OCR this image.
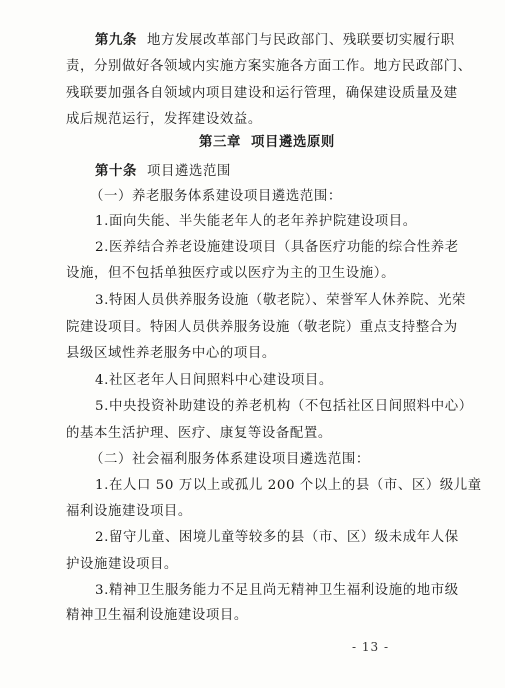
第九条 地方发展改革部门与民政部门、残联要切实履行职
责，分别做好各领域内实施方案实施各方面工作。地方民政部门、
残联要加强各自领域内项目建设和运行管理，确保建设质量及建
成后规范运行，发挥建设效益。
第三章 项目遴选原则
第十条 项目遴选范围
（一）养老服务体系建设项目遴选范围：
1.面向失能、半失能老年人的老年养护院建设项目。
2.医养结合养老设施建设项目（具备医疗功能的综合性养老
设施，但不包括单独医疗或以医疗为主的卫生设施）。
3.特困人员供养服务设施（敬老院）、荣誉军人休养院、光荣
院建设项目。特困人员供养服务设施（敬老院）重点支持整合为
县级区域性养老服务中心的项目。
4.社区老年人日间照料中心建设项目。
5.中央投资补助建设的养老机构（不包括社区日间照料中心）
的基本生活护理、医疗、康复等设备配置。
（二）社会福利服务体系建设项目遴选范围：
1.在人口 50 万以上或孤儿 200 个以上的县（市、区）级儿童
福利设施建设项目。
2.留守儿童、困境儿童等较多的县（市、区）级未成年人保
护设施建设项目。
3.精神卫生服务能力不足且尚无精神卫生福利设施的地市级
精神卫生福利设施建设项目。
- 13 -
